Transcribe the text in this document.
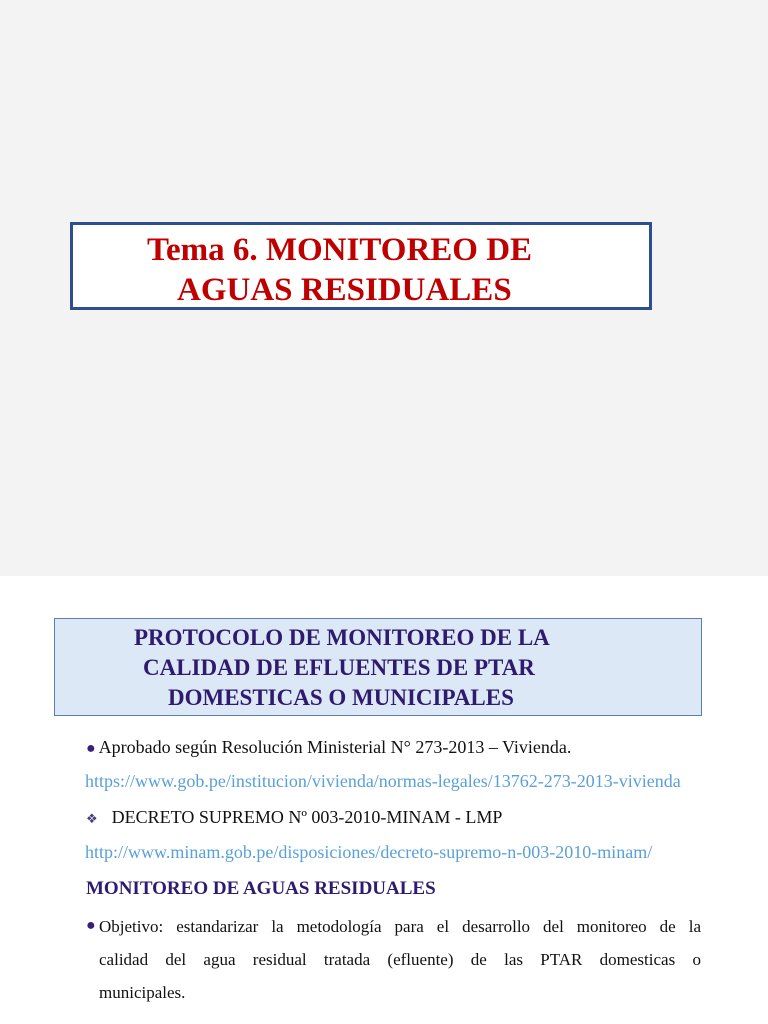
Tema 6. MONITOREO DE
AGUAS RESIDUALES
PROTOCOLO DE MONITOREO DE LA
CALIDAD DE EFLUENTES DE PTAR
DOMESTICAS O MUNICIPALES
● Aprobado según Resolución Ministerial N° 273-2013 – Vivienda.
https://www.gob.pe/institucion/vivienda/normas-legales/13762-273-2013-vivienda
❖ DECRETO SUPREMO Nº 003-2010-MINAM - LMP
http://www.minam.gob.pe/disposiciones/decreto-supremo-n-003-2010-minam/
MONITOREO DE AGUAS RESIDUALES
● Objetivo: estandarizar la metodología para el desarrollo del monitoreo de la
calidad del agua residual tratada (efluente) de las PTAR domesticas o
municipales.
